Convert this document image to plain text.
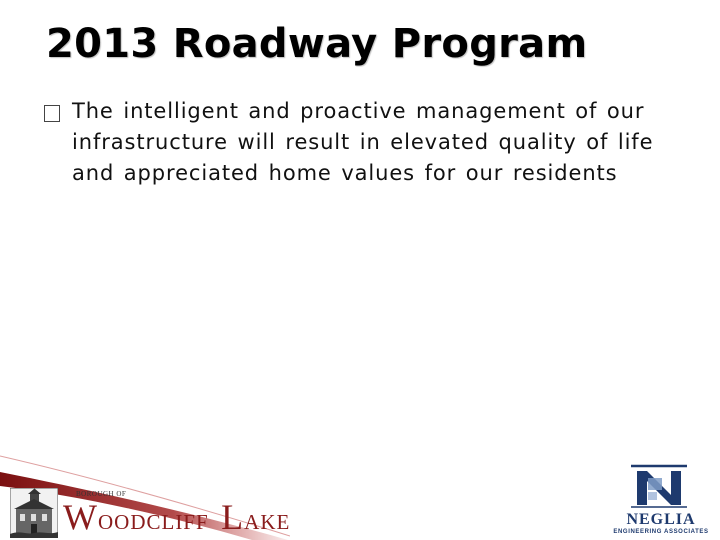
2013 Roadway Program
The intelligent and proactive management of our infrastructure will result in elevated quality of life and appreciated home values for our residents
BOROUGH OF
WOODCLIFF LAKE	NEGLIA
ENGINEERING ASSOCIATES
